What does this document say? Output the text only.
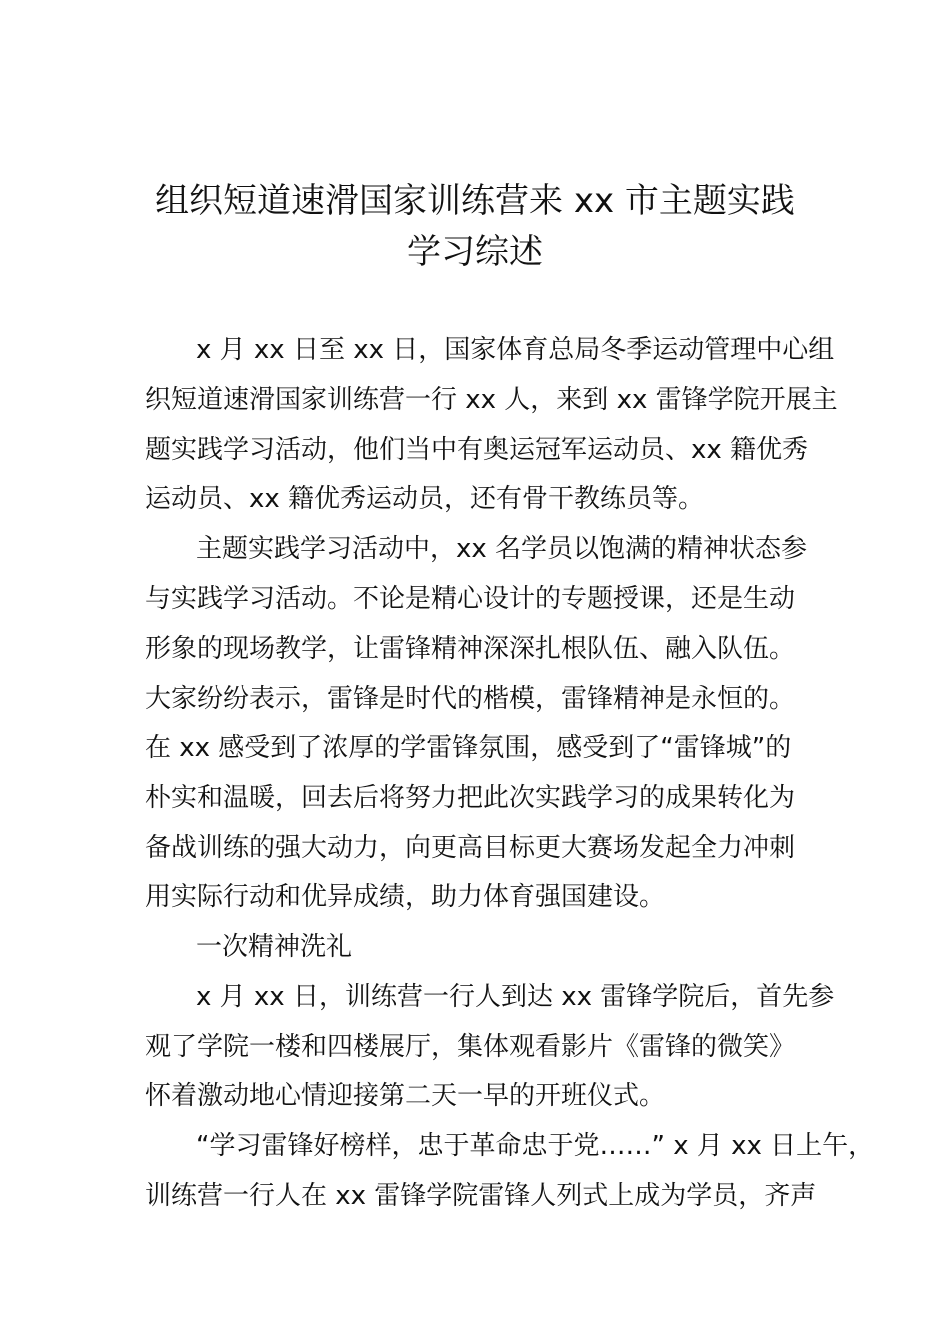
组织短道速滑国家训练营来 xx 市主题实践
学习综述
x 月 xx 日至 xx 日，国家体育总局冬季运动管理中心组
织短道速滑国家训练营一行 xx 人，来到 xx 雷锋学院开展主
题实践学习活动，他们当中有奥运冠军运动员、xx 籍优秀
运动员、xx 籍优秀运动员，还有骨干教练员等。
主题实践学习活动中，xx 名学员以饱满的精神状态参
与实践学习活动。不论是精心设计的专题授课，还是生动
形象的现场教学，让雷锋精神深深扎根队伍、融入队伍。
大家纷纷表示，雷锋是时代的楷模，雷锋精神是永恒的。
在 xx 感受到了浓厚的学雷锋氛围，感受到了“雷锋城”的
朴实和温暖，回去后将努力把此次实践学习的成果转化为
备战训练的强大动力，向更高目标更大赛场发起全力冲刺
用实际行动和优异成绩，助力体育强国建设。
一次精神洗礼
x 月 xx 日，训练营一行人到达 xx 雷锋学院后，首先参
观了学院一楼和四楼展厅，集体观看影片《雷锋的微笑》
怀着激动地心情迎接第二天一早的开班仪式。
“学习雷锋好榜样，忠于革命忠于党……” x 月 xx 日上午，
训练营一行人在 xx 雷锋学院雷锋人列式上成为学员，齐声
